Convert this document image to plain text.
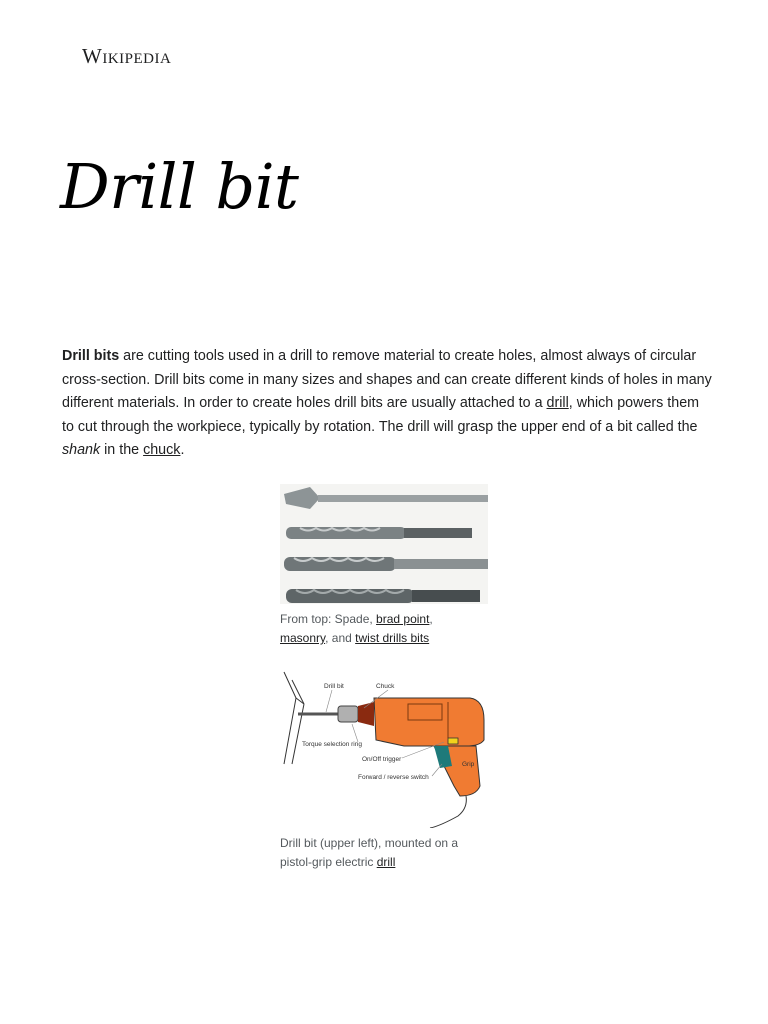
Wikipedia
Drill bit

Drill bits are cutting tools used in a drill to remove material to create holes, almost always of circular cross-section. Drill bits come in many sizes and shapes and can create different kinds of holes in many different materials. In order to create holes drill bits are usually attached to a drill, which powers them to cut through the workpiece, typically by rotation. The drill will grasp the upper end of a bit called the shank in the chuck.

From top: Spade, brad point, masonry, and twist drills bits
Drill bit	Chuck
Torque selection ring
On/Off trigger
Forward / reverse switch
Grip
Drill bit (upper left), mounted on a pistol-grip electric drill
